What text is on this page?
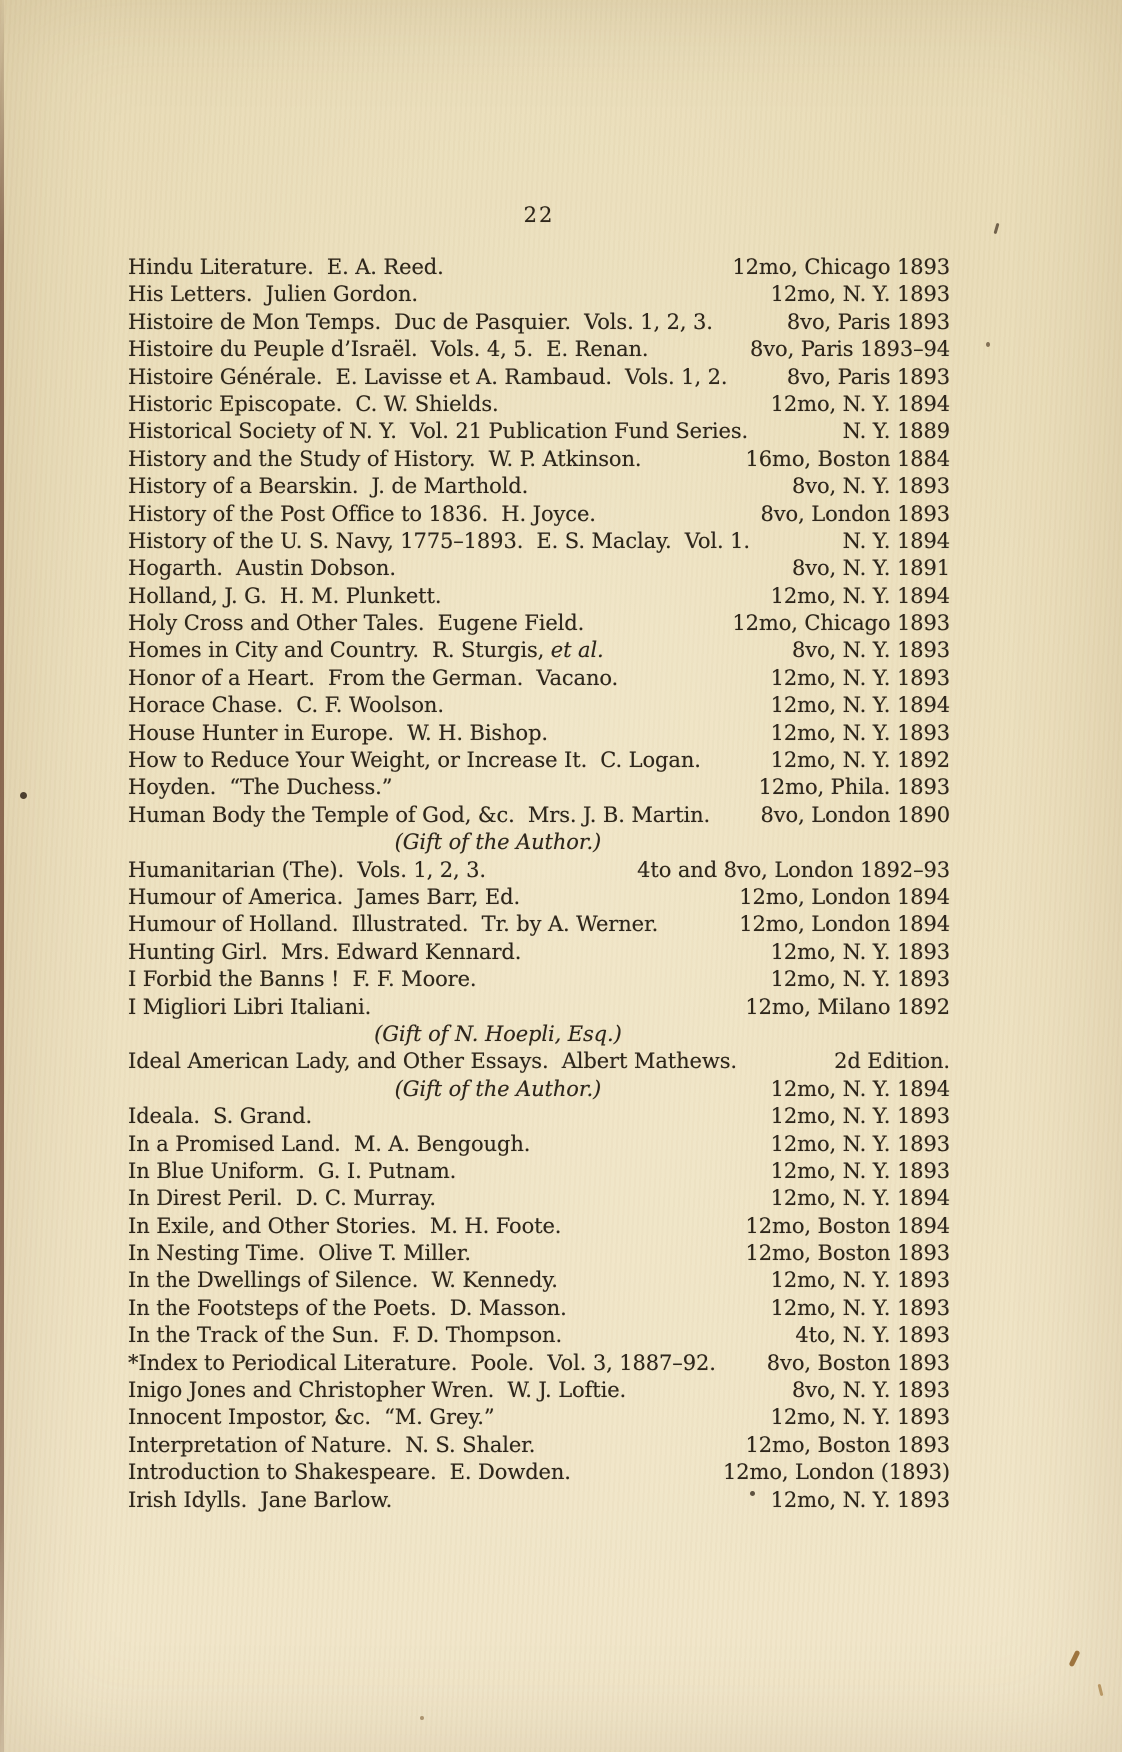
22
Hindu Literature.  E. A. Reed.	12mo, Chicago 1893
His Letters.  Julien Gordon.	12mo, N. Y. 1893
Histoire de Mon Temps.  Duc de Pasquier.  Vols. 1, 2, 3.	8vo, Paris 1893
Histoire du Peuple d’Israël.  Vols. 4, 5.  E. Renan.	8vo, Paris 1893–94
Histoire Générale.  E. Lavisse et A. Rambaud.  Vols. 1, 2.	8vo, Paris 1893
Historic Episcopate.  C. W. Shields.	12mo, N. Y. 1894
Historical Society of N. Y.  Vol. 21 Publication Fund Series.	N. Y. 1889
History and the Study of History.  W. P. Atkinson.	16mo, Boston 1884
History of a Bearskin.  J. de Marthold.	8vo, N. Y. 1893
History of the Post Office to 1836.  H. Joyce.	8vo, London 1893
History of the U. S. Navy, 1775–1893.  E. S. Maclay.  Vol. 1.	N. Y. 1894
Hogarth.  Austin Dobson.	8vo, N. Y. 1891
Holland, J. G.  H. M. Plunkett.	12mo, N. Y. 1894
Holy Cross and Other Tales.  Eugene Field.	12mo, Chicago 1893
Homes in City and Country.  R. Sturgis, et al.	8vo, N. Y. 1893
Honor of a Heart.  From the German.  Vacano.	12mo, N. Y. 1893
Horace Chase.  C. F. Woolson.	12mo, N. Y. 1894
House Hunter in Europe.  W. H. Bishop.	12mo, N. Y. 1893
How to Reduce Your Weight, or Increase It.  C. Logan.	12mo, N. Y. 1892
Hoyden.  “The Duchess.”	12mo, Phila. 1893
Human Body the Temple of God, &c.  Mrs. J. B. Martin. 8vo, London 1890
(Gift of the Author.)
Humanitarian (The).  Vols. 1, 2, 3.	4to and 8vo, London 1892–93
Humour of America.  James Barr, Ed.	12mo, London 1894
Humour of Holland.  Illustrated.  Tr. by A. Werner.	12mo, London 1894
Hunting Girl.  Mrs. Edward Kennard.	12mo, N. Y. 1893
I Forbid the Banns !  F. F. Moore.	12mo, N. Y. 1893
I Migliori Libri Italiani.	12mo, Milano 1892
(Gift of N. Hoepli, Esq.)
Ideal American Lady, and Other Essays.  Albert Mathews.	2d Edition.
(Gift of the Author.)	12mo, N. Y. 1894
Ideala.  S. Grand.	12mo, N. Y. 1893
In a Promised Land.  M. A. Bengough.	12mo, N. Y. 1893
In Blue Uniform.  G. I. Putnam.	12mo, N. Y. 1893
In Direst Peril.  D. C. Murray.	12mo, N. Y. 1894
In Exile, and Other Stories.  M. H. Foote.	12mo, Boston 1894
In Nesting Time.  Olive T. Miller.	12mo, Boston 1893
In the Dwellings of Silence.  W. Kennedy.	12mo, N. Y. 1893
In the Footsteps of the Poets.  D. Masson.	12mo, N. Y. 1893
In the Track of the Sun.  F. D. Thompson.	4to, N. Y. 1893
*Index to Periodical Literature.  Poole.  Vol. 3, 1887–92. 8vo, Boston 1893
Inigo Jones and Christopher Wren.  W. J. Loftie.	8vo, N. Y. 1893
Innocent Impostor, &c.  “M. Grey.”	12mo, N. Y. 1893
Interpretation of Nature.  N. S. Shaler.	12mo, Boston 1893
Introduction to Shakespeare.  E. Dowden.	12mo, London (1893)
Irish Idylls.  Jane Barlow.	12mo, N. Y. 1893
